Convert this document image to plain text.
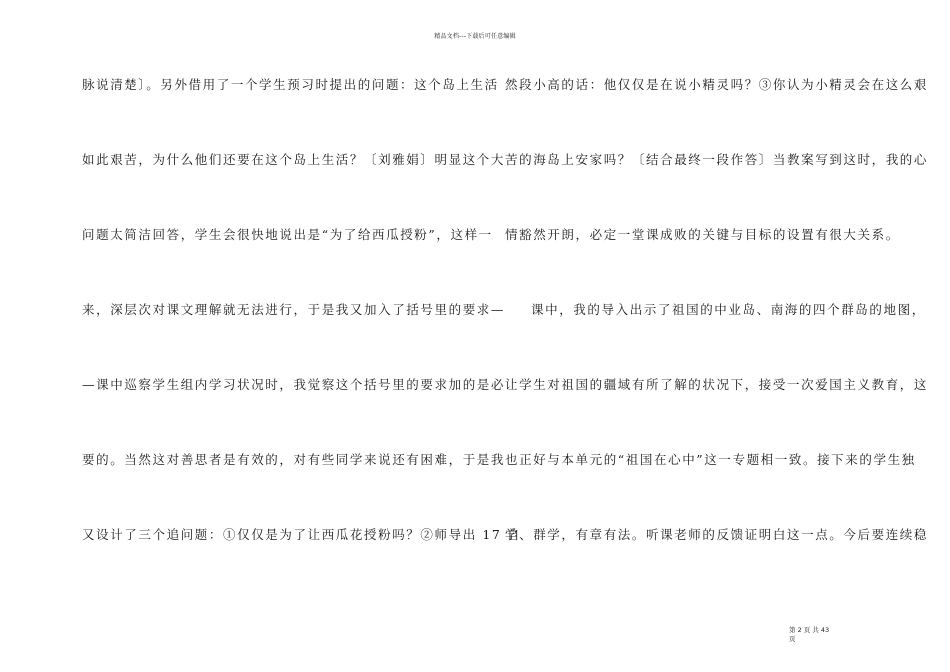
精品文档---下载后可任意编辑
脉说清楚〕。另外借用了一个学生预习时提出的问题：这个岛上生活
如此艰苦，为什么他们还要在这个岛上生活？〔刘雅娟〕明显这个大
问题太简洁回答，学生会很快地说出是“为了给西瓜授粉”，这样一
来，深层次对课文理解就无法进行，于是我又加入了括号里的要求—
—课中巡察学生组内学习状况时，我觉察这个括号里的要求加的是必
要的。当然这对善思者是有效的，对有些同学来说还有困难，于是我
又设计了三个追问题：①仅仅是为了让西瓜花授粉吗？②师导出 17 自
然段小高的话：他仅仅是在说小精灵吗？③你认为小精灵会在这么艰
苦的海岛上安家吗？〔结合最终一段作答〕当教案写到这时，我的心
情豁然开朗，必定一堂课成败的关键与目标的设置有很大关系。
课中，我的导入出示了祖国的中业岛、南海的四个群岛的地图，
让学生对祖国的疆域有所了解的状况下，接受一次爱国主义教育，这
也正好与本单元的“祖国在心中”这一专题相一致。接下来的学生独
学、群学，有章有法。听课老师的反馈证明白这一点。今后要连续稳
第 2 页 共 43 页
